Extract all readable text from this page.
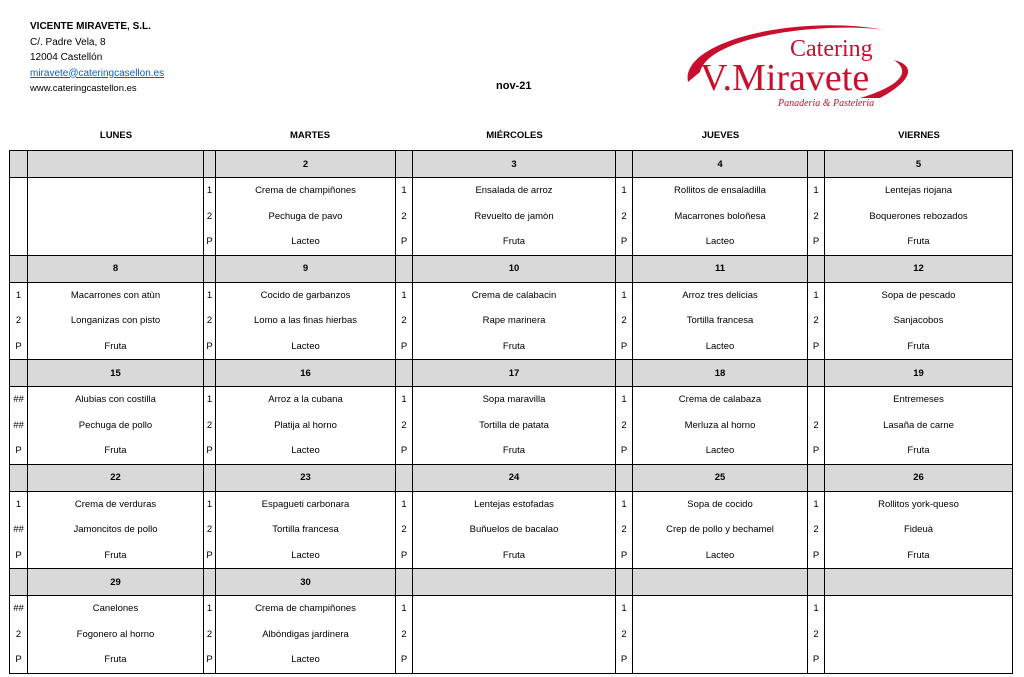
VICENTE MIRAVETE, S.L.
C/. Padre Vela, 8
12004 Castellón
miravete@cateringcasellon.es
www.cateringcastellon.es	nov-21
Catering
V.Miravete
Panaderia & Pasteleria
LUNES	MARTES	MIÉRCOLES	JUEVES	VIERNES
			2		3		4		5
		1	Crema de champiñones	1	Ensalada de arroz	1	Rollitos de ensaladilla	1	Lentejas riojana
		2	Pechuga de pavo	2	Revuelto de jamòn	2	Macarrones boloñesa	2	Boquerones rebozados
		P	Lacteo	P	Fruta	P	Lacteo	P	Fruta
	8		9		10		11		12
1	Macarrones con atùn	1	Cocido de garbanzos	1	Crema de calabacin	1	Arroz tres delicias	1	Sopa de pescado
2	Longanizas con pisto	2	Lomo a las finas hierbas	2	Rape marinera	2	Tortilla francesa	2	Sanjacobos
P	Fruta	P	Lacteo	P	Fruta	P	Lacteo	P	Fruta
	15		16		17		18		19
##	Alubias con costilla	1	Arroz a la cubana	1	Sopa maravilla	1	Crema de calabaza		Entremeses
##	Pechuga de pollo	2	Platija al horno	2	Tortilla de patata	2	Merluza al horno	2	Lasaña de carne
P	Fruta	P	Lacteo	P	Fruta	P	Lacteo	P	Fruta
	22		23		24		25		26
1	Crema de verduras	1	Espagueti carbonara	1	Lentejas estofadas	1	Sopa de cocido	1	Rollitos york-queso
##	Jamoncitos de pollo	2	Tortilla francesa	2	Buñuelos de bacalao	2	Crep de pollo y bechamel	2	Fideuà
P	Fruta	P	Lacteo	P	Fruta	P	Lacteo	P	Fruta
	29		30						
##	Canelones	1	Crema de champiñones	1		1		1	
2	Fogonero al horno	2	Albóndigas jardinera	2		2		2	
P	Fruta	P	Lacteo	P		P		P	
